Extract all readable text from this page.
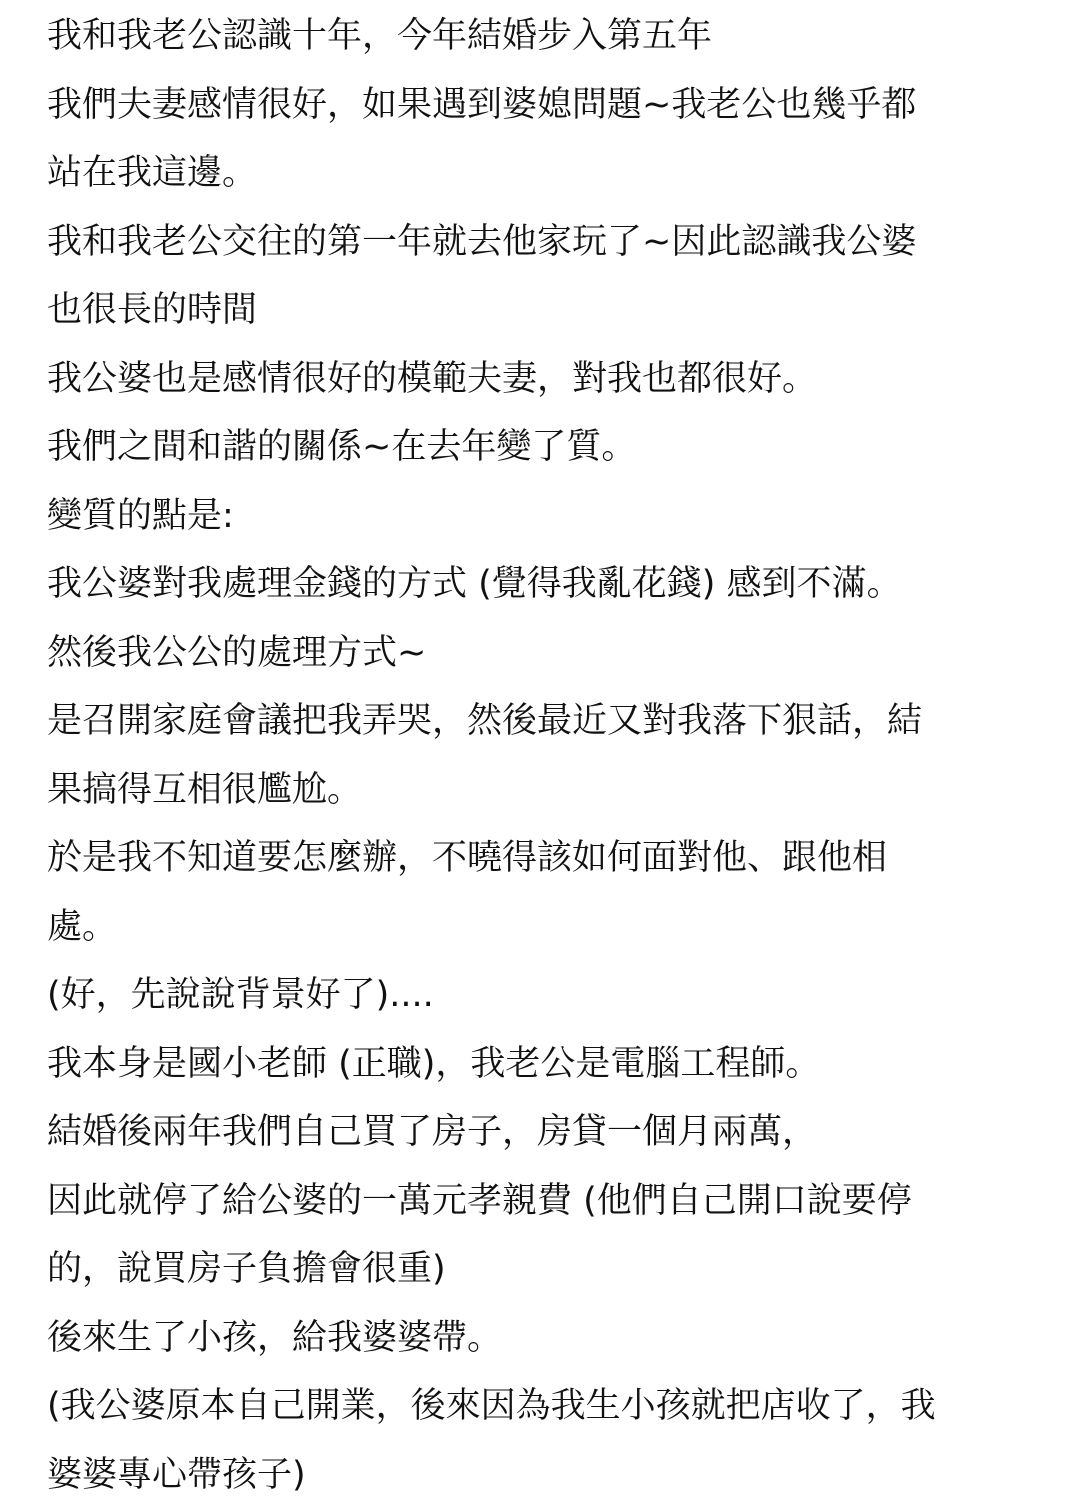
我和我老公認識十年，今年結婚步入第五年
我們夫妻感情很好，如果遇到婆媳問題~我老公也幾乎都
站在我這邊。
我和我老公交往的第一年就去他家玩了~因此認識我公婆
也很長的時間
我公婆也是感情很好的模範夫妻，對我也都很好。
我們之間和諧的關係~在去年變了質。
變質的點是:
我公婆對我處理金錢的方式 (覺得我亂花錢) 感到不滿。
然後我公公的處理方式~
是召開家庭會議把我弄哭，然後最近又對我落下狠話，結
果搞得互相很尷尬。
於是我不知道要怎麼辦，不曉得該如何面對他、跟他相
處。
(好，先說說背景好了)....
我本身是國小老師 (正職)，我老公是電腦工程師。
結婚後兩年我們自己買了房子，房貸一個月兩萬，
因此就停了給公婆的一萬元孝親費 (他們自己開口說要停
的，說買房子負擔會很重)
後來生了小孩，給我婆婆帶。
(我公婆原本自己開業，後來因為我生小孩就把店收了，我
婆婆專心帶孩子)
